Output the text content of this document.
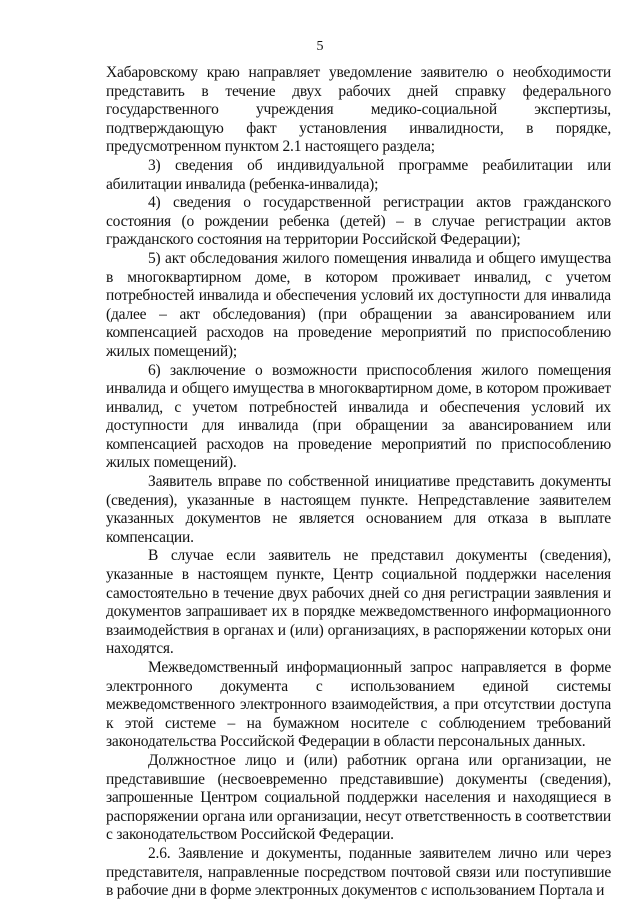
5

Хабаровскому краю направляет уведомление заявителю о необходимости представить в течение двух рабочих дней справку федерального государственного учреждения медико-социальной экспертизы, подтверждающую факт установления инвалидности, в порядке, предусмотренном пунктом 2.1 настоящего раздела;

3) сведения об индивидуальной программе реабилитации или абилитации инвалида (ребенка-инвалида);

4) сведения о государственной регистрации актов гражданского состояния (о рождении ребенка (детей) – в случае регистрации актов гражданского состояния на территории Российской Федерации);

5) акт обследования жилого помещения инвалида и общего имущества в многоквартирном доме, в котором проживает инвалид, с учетом потребностей инвалида и обеспечения условий их доступности для инвалида (далее – акт обследования) (при обращении за авансированием или компенсацией расходов на проведение мероприятий по приспособлению жилых помещений);

6) заключение о возможности приспособления жилого помещения инвалида и общего имущества в многоквартирном доме, в котором проживает инвалид, с учетом потребностей инвалида и обеспечения условий их доступности для инвалида (при обращении за авансированием или компенсацией расходов на проведение мероприятий по приспособлению жилых помещений).

Заявитель вправе по собственной инициативе представить документы (сведения), указанные в настоящем пункте. Непредставление заявителем указанных документов не является основанием для отказа в выплате компенсации.

В случае если заявитель не представил документы (сведения), указанные в настоящем пункте, Центр социальной поддержки населения самостоятельно в течение двух рабочих дней со дня регистрации заявления и документов запрашивает их в порядке межведомственного информационного взаимодействия в органах и (или) организациях, в распоряжении которых они находятся.

Межведомственный информационный запрос направляется в форме электронного документа с использованием единой системы межведомственного электронного взаимодействия, а при отсутствии доступа к этой системе – на бумажном носителе с соблюдением требований законодательства Российской Федерации в области персональных данных.

Должностное лицо и (или) работник органа или организации, не представившие (несвоевременно представившие) документы (сведения), запрошенные Центром социальной поддержки населения и находящиеся в распоряжении органа или организации, несут ответственность в соответствии с законодательством Российской Федерации.

2.6. Заявление и документы, поданные заявителем лично или через представителя, направленные посредством почтовой связи или поступившие в рабочие дни в форме электронных документов с использованием Портала и
